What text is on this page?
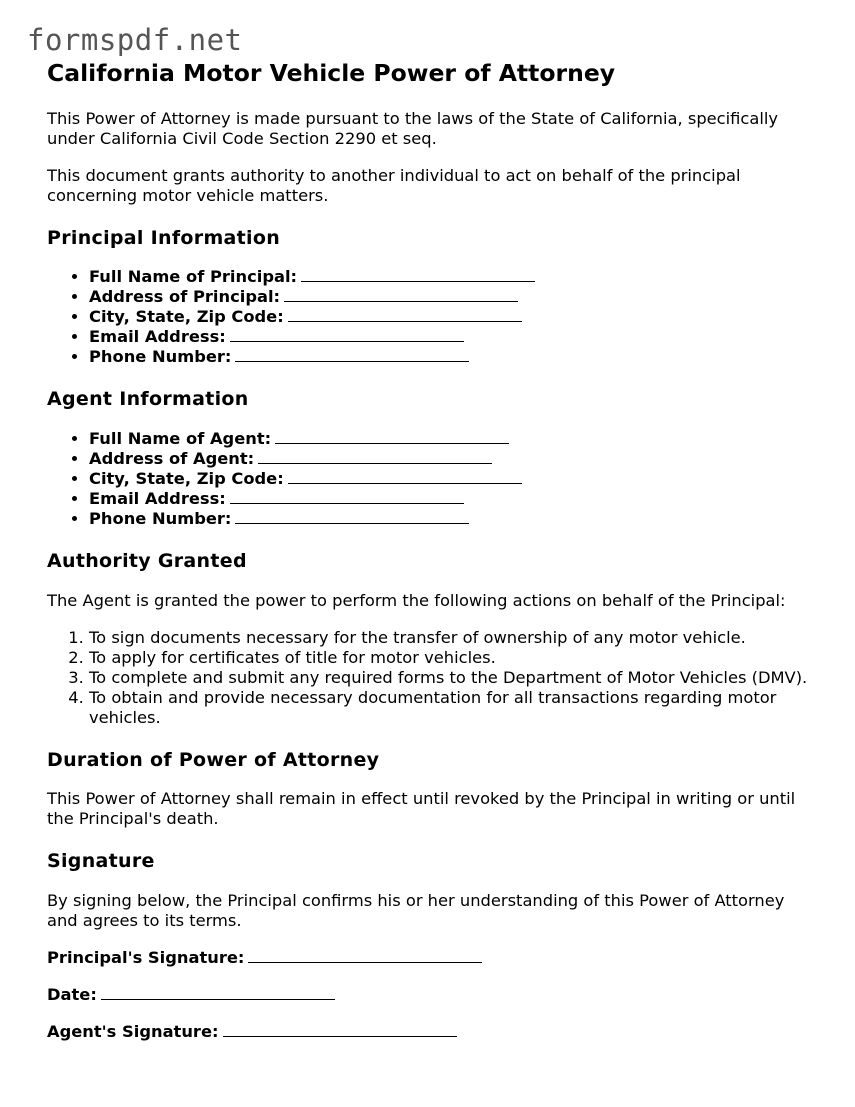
formspdf.net
California Motor Vehicle Power of Attorney

This Power of Attorney is made pursuant to the laws of the State of California, specifically under California Civil Code Section 2290 et seq.

This document grants authority to another individual to act on behalf of the principal concerning motor vehicle matters.

Principal Information
• Full Name of Principal:
• Address of Principal:
• City, State, Zip Code:
• Email Address:
• Phone Number:
Agent Information
• Full Name of Agent:
• Address of Agent:
• City, State, Zip Code:
• Email Address:
• Phone Number:
Authority Granted

The Agent is granted the power to perform the following actions on behalf of the Principal:

1. To sign documents necessary for the transfer of ownership of any motor vehicle.
2. To apply for certificates of title for motor vehicles.
3. To complete and submit any required forms to the Department of Motor Vehicles (DMV).
4. To obtain and provide necessary documentation for all transactions regarding motor vehicles.
Duration of Power of Attorney

This Power of Attorney shall remain in effect until revoked by the Principal in writing or until the Principal's death.

Signature

By signing below, the Principal confirms his or her understanding of this Power of Attorney and agrees to its terms.

Principal's Signature:

Date:

Agent's Signature:
